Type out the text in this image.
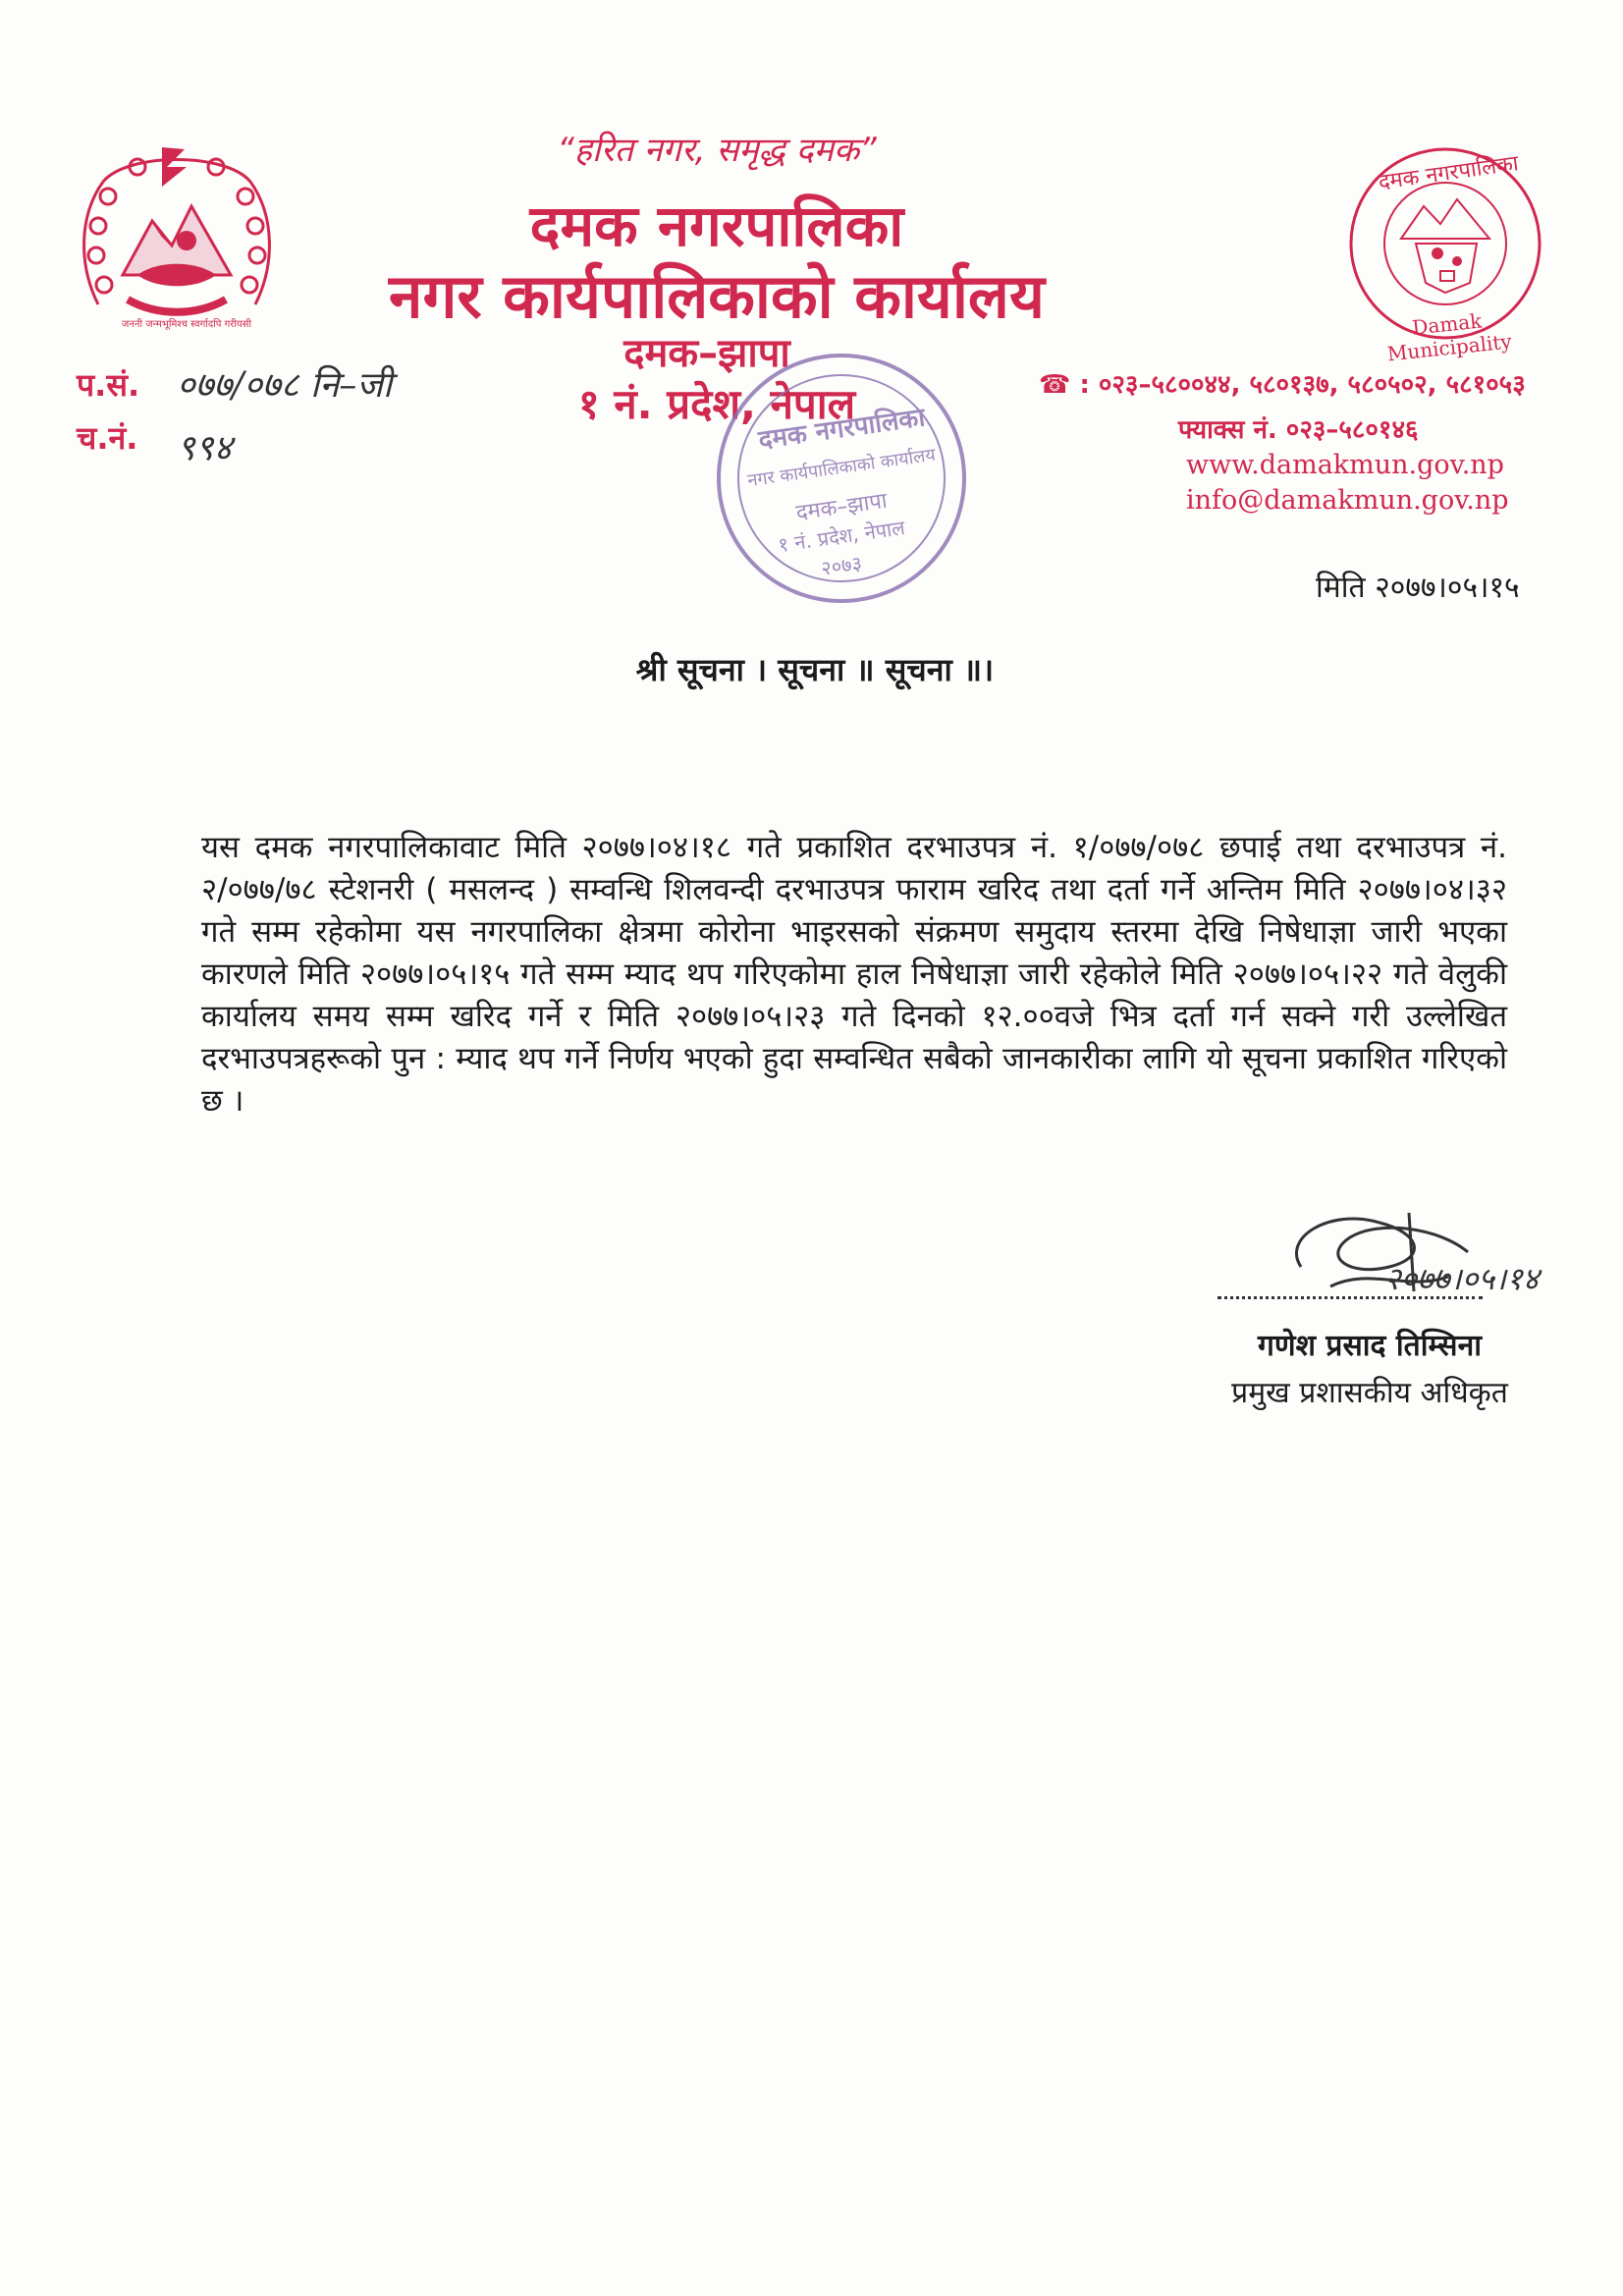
जननी जन्मभूमिश्च स्वर्गादपि गरीयसी
“हरित नगर, समृद्ध दमक”
दमक नगरपालिका
नगर कार्यपालिकाको कार्यालय
दमक–झापा
१ नं. प्रदेश, नेपाल
प.सं. ०७७/०७८ नि–जी
च.नं. ९९४
दमक नगरपालिका
Damak Municipality
दमक नगरपालिका
नगर कार्यपालिकाको कार्यालय
दमक–झापा
१ नं. प्रदेश, नेपाल
२०७३
☎ : ०२३–५८००४४, ५८०१३७, ५८०५०२, ५८१०५३
फ्याक्स नं. ०२३–५८०१४६
www.damakmun.gov.np
info@damakmun.gov.np
मिति २०७७।०५।१५
श्री सूचना । सूचना ॥ सूचना ॥।
यस दमक नगरपालिकावाट मिति २०७७।०४।१८ गते प्रकाशित दरभाउपत्र नं. १/०७७/०७८ छपाई तथा दरभाउपत्र नं. २/०७७/७८ स्टेशनरी ( मसलन्द ) सम्वन्धि शिलवन्दी दरभाउपत्र फाराम खरिद तथा दर्ता गर्ने अन्तिम मिति २०७७।०४।३२ गते सम्म रहेकोमा यस नगरपालिका क्षेत्रमा कोरोना भाइरसको संक्रमण समुदाय स्तरमा देखि निषेधाज्ञा जारी भएका कारणले मिति २०७७।०५।१५ गते सम्म म्याद थप गरिएकोमा हाल निषेधाज्ञा जारी रहेकोले मिति २०७७।०५।२२ गते वेलुकी कार्यालय समय सम्म खरिद गर्ने र मिति २०७७।०५।२३ गते दिनको १२.००वजे भित्र दर्ता गर्न सक्ने गरी उल्लेखित दरभाउपत्रहरूको पुन : म्याद थप गर्ने निर्णय भएको हुदा सम्वन्धित सबैको जानकारीका लागि यो सूचना प्रकाशित गरिएको छ ।
२०७७।०५।१४
गणेश प्रसाद तिम्सिना
प्रमुख प्रशासकीय अधिकृत
